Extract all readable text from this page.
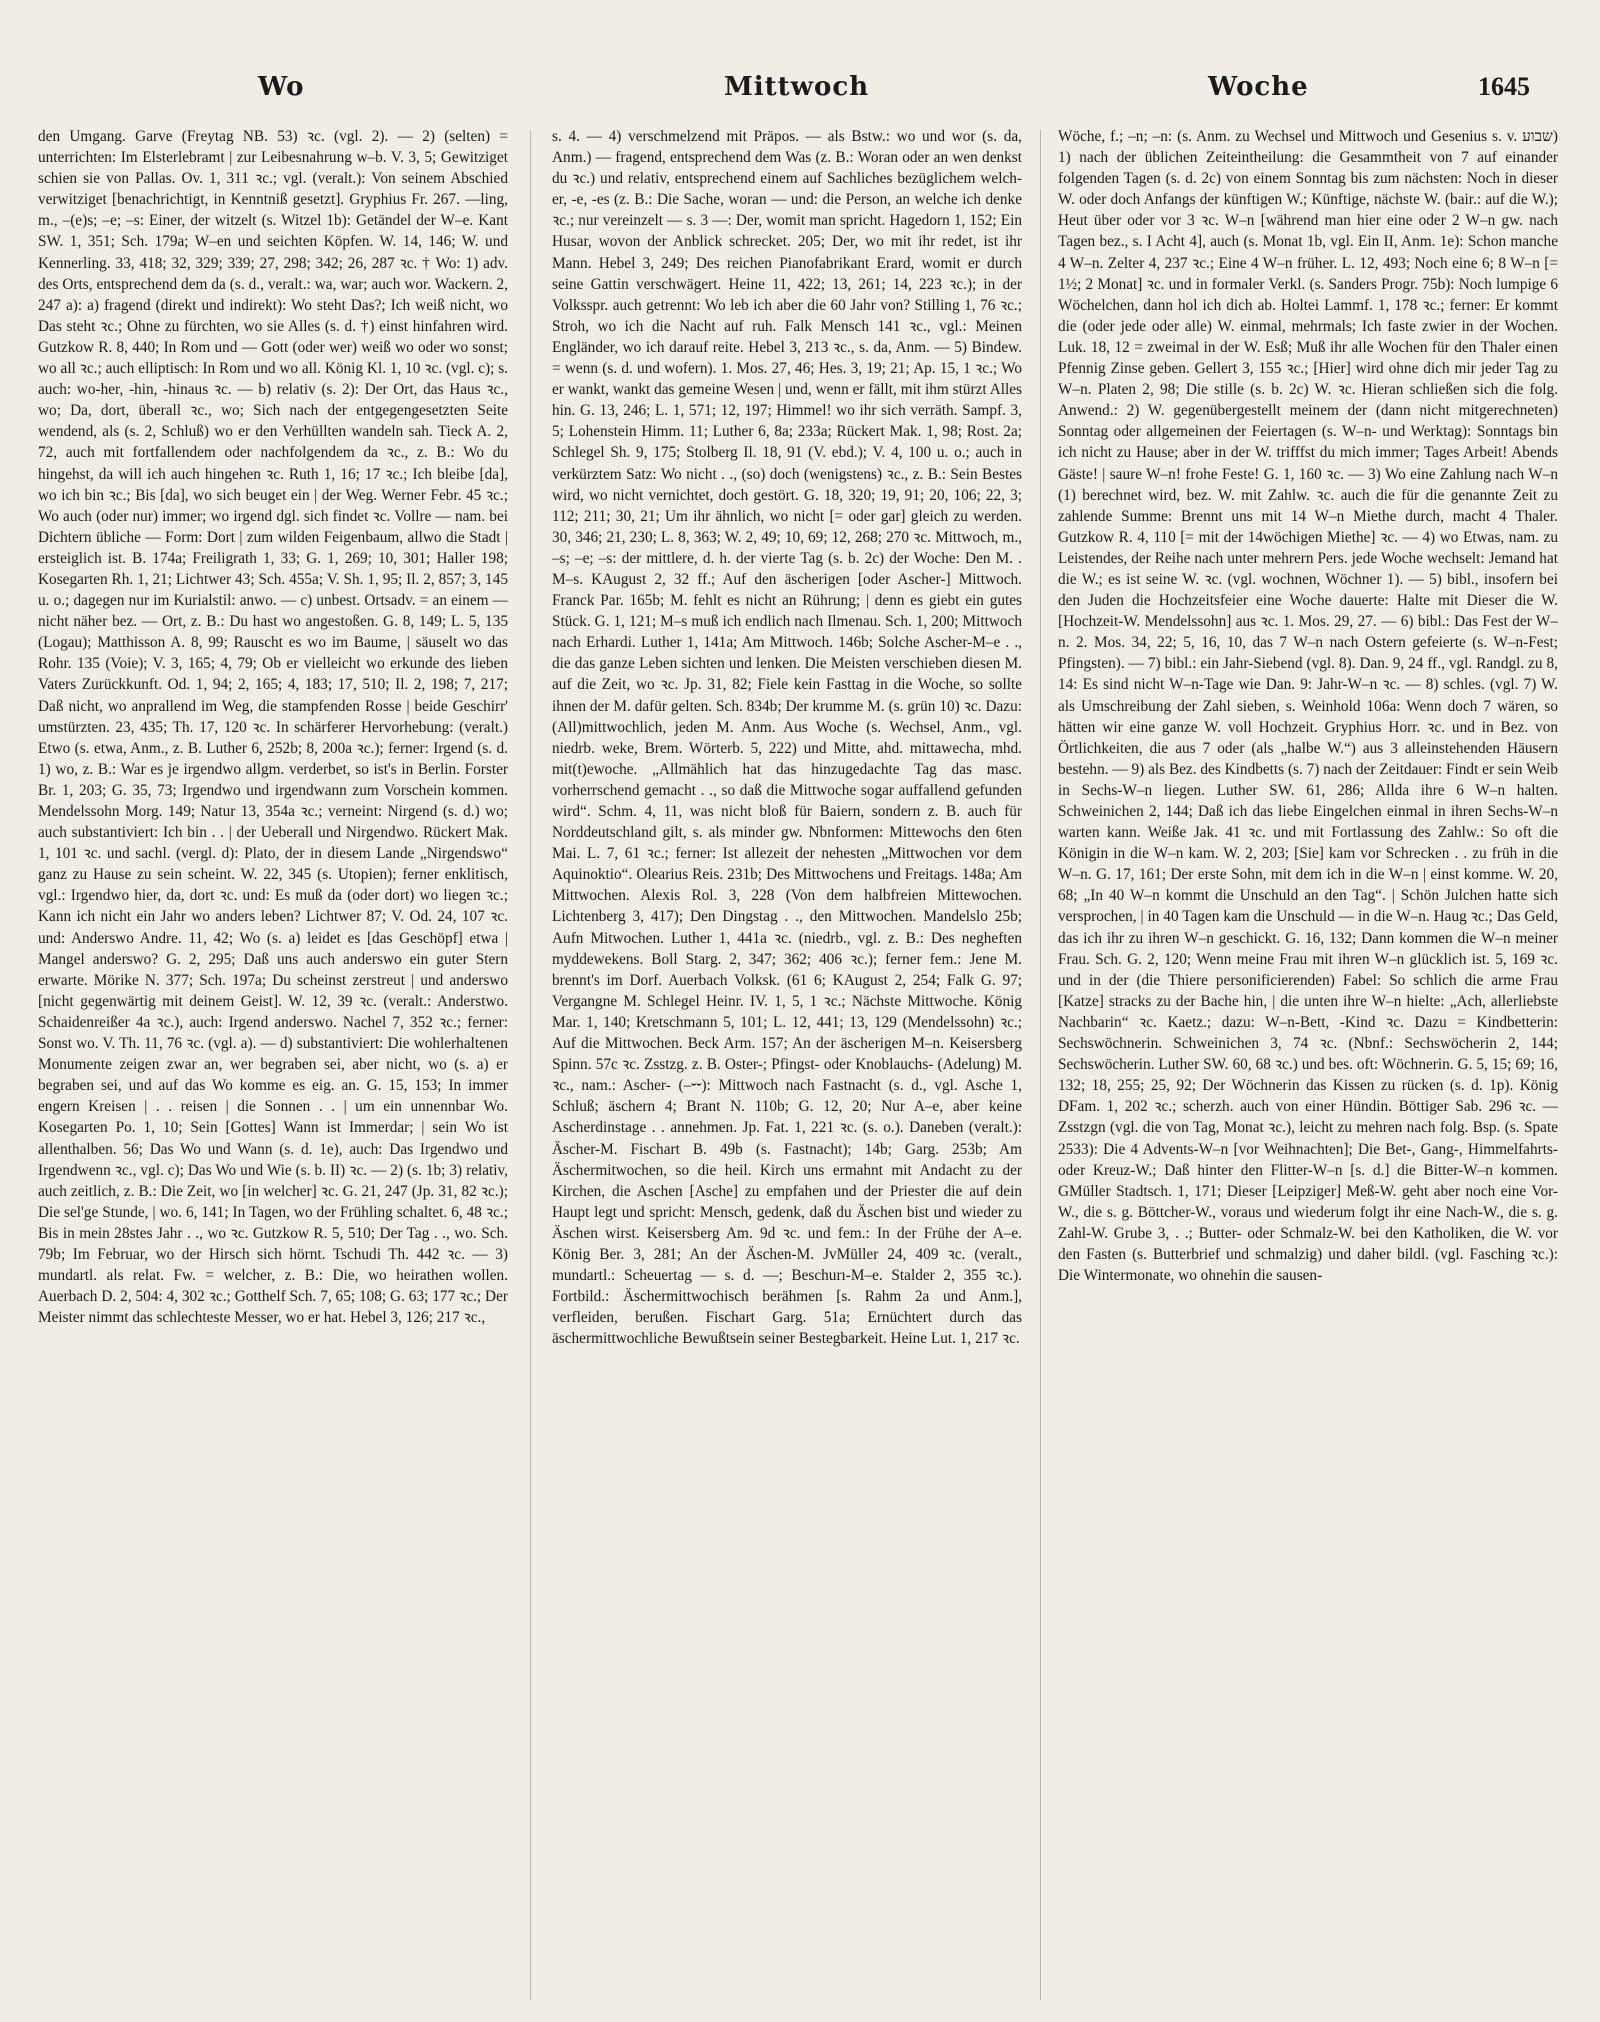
Wo	Mittwoch	Woche	1645

den Umgang. Garve (Freytag NB. 53) ꝛc. (vgl. 2). — 2) (selten) = unterrichten: Im Elsterlebramt | zur Leibesnahrung w–b. V. 3, 5; Gewitziget schien sie von Pallas. Ov. 1, 311 ꝛc.; vgl. (veralt.): Von seinem Abschied verwitziget [benachrichtigt, in Kenntniß gesetzt]. Gryphius Fr. 267. —ling, m., –(e)s; –e; –s: Einer, der witzelt (s. Witzel 1b): Getändel der W–e. Kant SW. 1, 351; Sch. 179a; W–en und seichten Köpfen. W. 14, 146; W. und Kennerling. 33, 418; 32, 329; 339; 27, 298; 342; 26, 287 ꝛc. † Wo: 1) adv. des Orts, entsprechend dem da (s. d., veralt.: wa, war; auch wor. Wackern. 2, 247 a): a) fragend (direkt und indirekt): Wo steht Das?; Ich weiß nicht, wo Das steht ꝛc.; Ohne zu fürchten, wo sie Alles (s. d. †) einst hinfahren wird. Gutzkow R. 8, 440; In Rom und — Gott (oder wer) weiß wo oder wo sonst; wo all ꝛc.; auch elliptisch: In Rom und wo all. König Kl. 1, 10 ꝛc. (vgl. c); s. auch: wo-her, -hin, -hinaus ꝛc. — b) relativ (s. 2): Der Ort, das Haus ꝛc., wo; Da, dort, überall ꝛc., wo; Sich nach der entgegengesetzten Seite wendend, als (s. 2, Schluß) wo er den Verhüllten wandeln sah. Tieck A. 2, 72, auch mit fortfallendem oder nachfolgendem da ꝛc., z. B.: Wo du hingehst, da will ich auch hingehen ꝛc. Ruth 1, 16; 17 ꝛc.; Ich bleibe [da], wo ich bin ꝛc.; Bis [da], wo sich beuget ein | der Weg. Werner Febr. 45 ꝛc.; Wo auch (oder nur) immer; wo irgend dgl. sich findet ꝛc. Vollre — nam. bei Dichtern übliche — Form: Dort | zum wilden Feigenbaum, allwo die Stadt | ersteiglich ist. B. 174a; Freiligrath 1, 33; G. 1, 269; 10, 301; Haller 198; Kosegarten Rh. 1, 21; Lichtwer 43; Sch. 455a; V. Sh. 1, 95; Il. 2, 857; 3, 145 u. o.; dagegen nur im Kurialstil: anwo. — c) unbest. Ortsadv. = an einem — nicht näher bez. — Ort, z. B.: Du hast wo angestoßen. G. 8, 149; L. 5, 135 (Logau); Matthisson A. 8, 99; Rauscht es wo im Baume, | säuselt wo das Rohr. 135 (Voie); V. 3, 165; 4, 79; Ob er vielleicht wo erkunde des lieben Vaters Zurückkunft. Od. 1, 94; 2, 165; 4, 183; 17, 510; Il. 2, 198; 7, 217; Daß nicht, wo anprallend im Weg, die stampfenden Rosse | beide Geschirr' umstürzten. 23, 435; Th. 17, 120 ꝛc. In schärferer Hervorhebung: (veralt.) Etwo (s. etwa, Anm., z. B. Luther 6, 252b; 8, 200a ꝛc.); ferner: Irgend (s. d. 1) wo, z. B.: War es je irgendwo allgm. verderbet, so ist's in Berlin. Forster Br. 1, 203; G. 35, 73; Irgendwo und irgendwann zum Vorschein kommen. Mendelssohn Morg. 149; Natur 13, 354a ꝛc.; verneint: Nirgend (s. d.) wo; auch substantiviert: Ich bin . . | der Ueberall und Nirgendwo. Rückert Mak. 1, 101 ꝛc. und sachl. (vergl. d): Plato, der in diesem Lande „Nirgendswo“ ganz zu Hause zu sein scheint. W. 22, 345 (s. Utopien); ferner enklitisch, vgl.: Irgendwo hier, da, dort ꝛc. und: Es muß da (oder dort) wo liegen ꝛc.; Kann ich nicht ein Jahr wo anders leben? Lichtwer 87; V. Od. 24, 107 ꝛc. und: Anderswo Andre. 11, 42; Wo (s. a) leidet es [das Geschöpf] etwa | Mangel anderswo? G. 2, 295; Daß uns auch anderswo ein guter Stern erwarte. Mörike N. 377; Sch. 197a; Du scheinst zerstreut | und anderswo [nicht gegenwärtig mit deinem Geist]. W. 12, 39 ꝛc. (veralt.: Anderstwo. Schaidenreißer 4a ꝛc.), auch: Irgend anderswo. Nachel 7, 352 ꝛc.; ferner: Sonst wo. V. Th. 11, 76 ꝛc. (vgl. a). — d) substantiviert: Die wohlerhaltenen Monumente zeigen zwar an, wer begraben sei, aber nicht, wo (s. a) er begraben sei, und auf das Wo komme es eig. an. G. 15, 153; In immer engern Kreisen | . . reisen | die Sonnen . . | um ein unnennbar Wo. Kosegarten Po. 1, 10; Sein [Gottes] Wann ist Immerdar; | sein Wo ist allenthalben. 56; Das Wo und Wann (s. d. 1e), auch: Das Irgendwo und Irgendwenn ꝛc., vgl. c); Das Wo und Wie (s. b. II) ꝛc. — 2) (s. 1b; 3) relativ, auch zeitlich, z. B.: Die Zeit, wo [in welcher] ꝛc. G. 21, 247 (Jp. 31, 82 ꝛc.); Die sel'ge Stunde, | wo. 6, 141; In Tagen, wo der Frühling schaltet. 6, 48 ꝛc.; Bis in mein 28stes Jahr . ., wo ꝛc. Gutzkow R. 5, 510; Der Tag . ., wo. Sch. 79b; Im Februar, wo der Hirsch sich hörnt. Tschudi Th. 442 ꝛc. — 3) mundartl. als relat. Fw. = welcher, z. B.: Die, wo heirathen wollen. Auerbach D. 2, 504: 4, 302 ꝛc.; Gotthelf Sch. 7, 65; 108; G. 63; 177 ꝛc.; Der Meister nimmt das schlechteste Messer, wo er hat. Hebel 3, 126; 217 ꝛc.,

s. 4. — 4) verschmelzend mit Präpos. — als Bstw.: wo und wor (s. da, Anm.) — fragend, entsprechend dem Was (z. B.: Woran oder an wen denkst du ꝛc.) und relativ, entsprechend einem auf Sachliches bezüglichem welch-er, -e, -es (z. B.: Die Sache, woran — und: die Person, an welche ich denke ꝛc.; nur vereinzelt — s. 3 —: Der, womit man spricht. Hagedorn 1, 152; Ein Husar, wovon der Anblick schrecket. 205; Der, wo mit ihr redet, ist ihr Mann. Hebel 3, 249; Des reichen Pianofabrikant Erard, womit er durch seine Gattin verschwägert. Heine 11, 422; 13, 261; 14, 223 ꝛc.); in der Volksspr. auch getrennt: Wo leb ich aber die 60 Jahr von? Stilling 1, 76 ꝛc.; Stroh, wo ich die Nacht auf ruh. Falk Mensch 141 ꝛc., vgl.: Meinen Engländer, wo ich darauf reite. Hebel 3, 213 ꝛc., s. da, Anm. — 5) Bindew. = wenn (s. d. und wofern). 1. Mos. 27, 46; Hes. 3, 19; 21; Ap. 15, 1 ꝛc.; Wo er wankt, wankt das gemeine Wesen | und, wenn er fällt, mit ihm stürzt Alles hin. G. 13, 246; L. 1, 571; 12, 197; Himmel! wo ihr sich verräth. Sampf. 3, 5; Lohenstein Himm. 11; Luther 6, 8a; 233a; Rückert Mak. 1, 98; Rost. 2a; Schlegel Sh. 9, 175; Stolberg Il. 18, 91 (V. ebd.); V. 4, 100 u. o.; auch in verkürztem Satz: Wo nicht . ., (so) doch (wenigstens) ꝛc., z. B.: Sein Bestes wird, wo nicht vernichtet, doch gestört. G. 18, 320; 19, 91; 20, 106; 22, 3; 112; 211; 30, 21; Um ihr ähnlich, wo nicht [= oder gar] gleich zu werden. 30, 346; 21, 230; L. 8, 363; W. 2, 49; 10, 69; 12, 268; 270 ꝛc. Mittwoch, m., –s; –e; –s: der mittlere, d. h. der vierte Tag (s. b. 2c) der Woche: Den M. . M–s. KAugust 2, 32 ff.; Auf den äscherigen [oder Ascher-] Mittwoch. Franck Par. 165b; M. fehlt es nicht an Rührung; | denn es giebt ein gutes Stück. G. 1, 121; M–s muß ich endlich nach Ilmenau. Sch. 1, 200; Mittwoch nach Erhardi. Luther 1, 141a; Am Mittwoch. 146b; Solche Ascher-M–e . ., die das ganze Leben sichten und lenken. Die Meisten verschieben diesen M. auf die Zeit, wo ꝛc. Jp. 31, 82; Fiele kein Fasttag in die Woche, so sollte ihnen der M. dafür gelten. Sch. 834b; Der krumme M. (s. grün 10) ꝛc. Dazu: (All)mittwochlich, jeden M. Anm. Aus Woche (s. Wechsel, Anm., vgl. niedrb. weke, Brem. Wörterb. 5, 222) und Mitte, ahd. mittawecha, mhd. mit(t)ewoche. „Allmählich hat das hinzugedachte Tag das masc. vorherrschend gemacht . ., so daß die Mittwoche sogar auffallend gefunden wird“. Schm. 4, 11, was nicht bloß für Baiern, sondern z. B. auch für Norddeutschland gilt, s. als minder gw. Nbnformen: Mittewochs den 6ten Mai. L. 7, 61 ꝛc.; ferner: Ist allezeit der nehesten „Mittwochen vor dem Aquinoktio“. Olearius Reis. 231b; Des Mittwochens und Freitags. 148a; Am Mittwochen. Alexis Rol. 3, 228 (Von dem halbfreien Mittewochen. Lichtenberg 3, 417); Den Dingstag . ., den Mittwochen. Mandelslo 25b; Aufn Mitwochen. Luther 1, 441a ꝛc. (niedrb., vgl. z. B.: Des negheften myddewekens. Boll Starg. 2, 347; 362; 406 ꝛc.); ferner fem.: Jene M. brennt's im Dorf. Auerbach Volksk. (61 6; KAugust 2, 254; Falk G. 97; Vergangne M. Schlegel Heinr. IV. 1, 5, 1 ꝛc.; Nächste Mittwoche. König Mar. 1, 140; Kretschmann 5, 101; L. 12, 441; 13, 129 (Mendelssohn) ꝛc.; Auf die Mittwochen. Beck Arm. 157; An der äscherigen M–n. Keisersberg Spinn. 57c ꝛc. Zsstzg. z. B. Oster-; Pfingst- oder Knoblauchs- (Adelung) M. ꝛc., nam.: Ascher- (–⏑⏑): Mittwoch nach Fastnacht (s. d., vgl. Asche 1, Schluß; äschern 4; Brant N. 110b; G. 12, 20; Nur A–e, aber keine Ascherdinstage . . annehmen. Jp. Fat. 1, 221 ꝛc. (s. o.). Daneben (veralt.): Äscher-M. Fischart B. 49b (s. Fastnacht); 14b; Garg. 253b; Am Äschermitwochen, so die heil. Kirch uns ermahnt mit Andacht zu der Kirchen, die Aschen [Asche] zu empfahen und der Priester die auf dein Haupt legt und spricht: Mensch, gedenk, daß du Äschen bist und wieder zu Äschen wirst. Keisersberg Am. 9d ꝛc. und fem.: In der Frühe der A–e. König Ber. 3, 281; An der Äschen-M. JvMüller 24, 409 ꝛc. (veralt., mundartl.: Scheuertag — s. d. —; Beschurı-M–e. Stalder 2, 355 ꝛc.). Fortbild.: Äschermittwochisch berähmen [s. Rahm 2a und Anm.], verfleiden, berußen. Fischart Garg. 51a; Ernüchtert durch das äschermittwochliche Bewußtsein seiner Bestegbarkeit. Heine Lut. 1, 217 ꝛc.

Wöche, f.; –n; –n: (s. Anm. zu Wechsel und Mittwoch und Gesenius s. v. שבוע) 1) nach der üblichen Zeiteintheilung: die Gesammtheit von 7 auf einander folgenden Tagen (s. d. 2c) von einem Sonntag bis zum nächsten: Noch in dieser W. oder doch Anfangs der künftigen W.; Künftige, nächste W. (bair.: auf die W.); Heut über oder vor 3 ꝛc. W–n [während man hier eine oder 2 W–n gw. nach Tagen bez., s. I Acht 4], auch (s. Monat 1b, vgl. Ein II, Anm. 1e): Schon manche 4 W–n. Zelter 4, 237 ꝛc.; Eine 4 W–n früher. L. 12, 493; Noch eine 6; 8 W–n [= 1½; 2 Monat] ꝛc. und in formaler Verkl. (s. Sanders Progr. 75b): Noch lumpige 6 Wöchelchen, dann hol ich dich ab. Holtei Lammf. 1, 178 ꝛc.; ferner: Er kommt die (oder jede oder alle) W. einmal, mehrmals; Ich faste zwier in der Wochen. Luk. 18, 12 = zweimal in der W. Esß; Muß ihr alle Wochen für den Thaler einen Pfennig Zinse geben. Gellert 3, 155 ꝛc.; [Hier] wird ohne dich mir jeder Tag zu W–n. Platen 2, 98; Die stille (s. b. 2c) W. ꝛc. Hieran schließen sich die folg. Anwend.: 2) W. gegenübergestellt meinem der (dann nicht mitgerechneten) Sonntag oder allgemeinen der Feiertagen (s. W–n- und Werktag): Sonntags bin ich nicht zu Hause; aber in der W. trifffst du mich immer; Tages Arbeit! Abends Gäste! | saure W–n! frohe Feste! G. 1, 160 ꝛc. — 3) Wo eine Zahlung nach W–n (1) berechnet wird, bez. W. mit Zahlw. ꝛc. auch die für die genannte Zeit zu zahlende Summe: Brennt uns mit 14 W–n Miethe durch, macht 4 Thaler. Gutzkow R. 4, 110 [= mit der 14wöchigen Miethe] ꝛc. — 4) wo Etwas, nam. zu Leistendes, der Reihe nach unter mehrern Pers. jede Woche wechselt: Jemand hat die W.; es ist seine W. ꝛc. (vgl. wochnen, Wöchner 1). — 5) bibl., insofern bei den Juden die Hochzeitsfeier eine Woche dauerte: Halte mit Dieser die W. [Hochzeit-W. Mendelssohn] aus ꝛc. 1. Mos. 29, 27. — 6) bibl.: Das Fest der W–n. 2. Mos. 34, 22; 5, 16, 10, das 7 W–n nach Ostern gefeierte (s. W–n-Fest; Pfingsten). — 7) bibl.: ein Jahr-Siebend (vgl. 8). Dan. 9, 24 ff., vgl. Randgl. zu 8, 14: Es sind nicht W–n-Tage wie Dan. 9: Jahr-W–n ꝛc. — 8) schles. (vgl. 7) W. als Umschreibung der Zahl sieben, s. Weinhold 106a: Wenn doch 7 wären, so hätten wir eine ganze W. voll Hochzeit. Gryphius Horr. ꝛc. und in Bez. von Örtlichkeiten, die aus 7 oder (als „halbe W.“) aus 3 alleinstehenden Häusern bestehn. — 9) als Bez. des Kindbetts (s. 7) nach der Zeitdauer: Findt er sein Weib in Sechs-W–n liegen. Luther SW. 61, 286; Allda ihre 6 W–n halten. Schweinichen 2, 144; Daß ich das liebe Eingelchen einmal in ihren Sechs-W–n warten kann. Weiße Jak. 41 ꝛc. und mit Fortlassung des Zahlw.: So oft die Königin in die W–n kam. W. 2, 203; [Sie] kam vor Schrecken . . zu früh in die W–n. G. 17, 161; Der erste Sohn, mit dem ich in die W–n | einst komme. W. 20, 68; „In 40 W–n kommt die Unschuld an den Tag“. | Schön Julchen hatte sich versprochen, | in 40 Tagen kam die Unschuld — in die W–n. Haug ꝛc.; Das Geld, das ich ihr zu ihren W–n geschickt. G. 16, 132; Dann kommen die W–n meiner Frau. Sch. G. 2, 120; Wenn meine Frau mit ihren W–n glücklich ist. 5, 169 ꝛc. und in der (die Thiere personificierenden) Fabel: So schlich die arme Frau [Katze] stracks zu der Bache hin, | die unten ihre W–n hielte: „Ach, allerliebste Nachbarin“ ꝛc. Kaetz.; dazu: W–n-Bett, -Kind ꝛc. Dazu = Kindbetterin: Sechswöchnerin. Schweinichen 3, 74 ꝛc. (Nbnf.: Sechswöcherin 2, 144; Sechswöcherin. Luther SW. 60, 68 ꝛc.) und bes. oft: Wöchnerin. G. 5, 15; 69; 16, 132; 18, 255; 25, 92; Der Wöchnerin das Kissen zu rücken (s. d. 1p). König DFam. 1, 202 ꝛc.; scherzh. auch von einer Hündin. Böttiger Sab. 296 ꝛc. — Zsstzgn (vgl. die von Tag, Monat ꝛc.), leicht zu mehren nach folg. Bsp. (s. Spate 2533): Die 4 Advents-W–n [vor Weihnachten]; Die Bet-, Gang-, Himmelfahrts- oder Kreuz-W.; Daß hinter den Flitter-W–n [s. d.] die Bitter-W–n kommen. GMüller Stadtsch. 1, 171; Dieser [Leipziger] Meß-W. geht aber noch eine Vor-W., die s. g. Böttcher-W., voraus und wiederum folgt ihr eine Nach-W., die s. g. Zahl-W. Grube 3, . .; Butter- oder Schmalz-W. bei den Katholiken, die W. vor den Fasten (s. Butterbrief und schmalzig) und daher bildl. (vgl. Fasching ꝛc.): Die Wintermonate, wo ohnehin die sausen-
